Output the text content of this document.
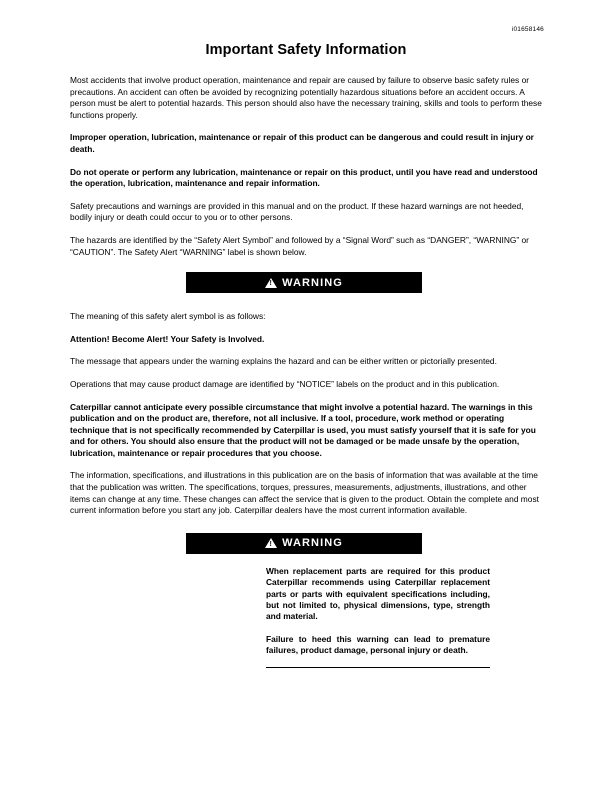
i01658146
Important Safety Information

Most accidents that involve product operation, maintenance and repair are caused by failure to observe basic safety rules or precautions. An accident can often be avoided by recognizing potentially hazardous situations before an accident occurs. A person must be alert to potential hazards. This person should also have the necessary training, skills and tools to perform these functions properly.

Improper operation, lubrication, maintenance or repair of this product can be dangerous and could result in injury or death.

Do not operate or perform any lubrication, maintenance or repair on this product, until you have read and understood the operation, lubrication, maintenance and repair information.

Safety precautions and warnings are provided in this manual and on the product. If these hazard warnings are not heeded, bodily injury or death could occur to you or to other persons.

The hazards are identified by the “Safety Alert Symbol” and followed by a “Signal Word” such as “DANGER”, “WARNING” or “CAUTION”. The Safety Alert “WARNING” label is shown below.

!
WARNING

The meaning of this safety alert symbol is as follows:

Attention! Become Alert! Your Safety is Involved.

The message that appears under the warning explains the hazard and can be either written or pictorially presented.

Operations that may cause product damage are identified by “NOTICE” labels on the product and in this publication.

Caterpillar cannot anticipate every possible circumstance that might involve a potential hazard. The warnings in this publication and on the product are, therefore, not all inclusive. If a tool, procedure, work method or operating technique that is not specifically recommended by Caterpillar is used, you must satisfy yourself that it is safe for you and for others. You should also ensure that the product will not be damaged or be made unsafe by the operation, lubrication, maintenance or repair procedures that you choose.

The information, specifications, and illustrations in this publication are on the basis of information that was available at the time that the publication was written. The specifications, torques, pressures, measurements, adjustments, illustrations, and other items can change at any time. These changes can affect the service that is given to the product. Obtain the complete and most current information before you start any job. Caterpillar dealers have the most current information available.

!
WARNING

When replacement parts are required for this product Caterpillar recommends using Caterpillar replacement parts or parts with equivalent specifications including, but not limited to, physical dimensions, type, strength and material.

Failure to heed this warning can lead to premature failures, product damage, personal injury or death.
